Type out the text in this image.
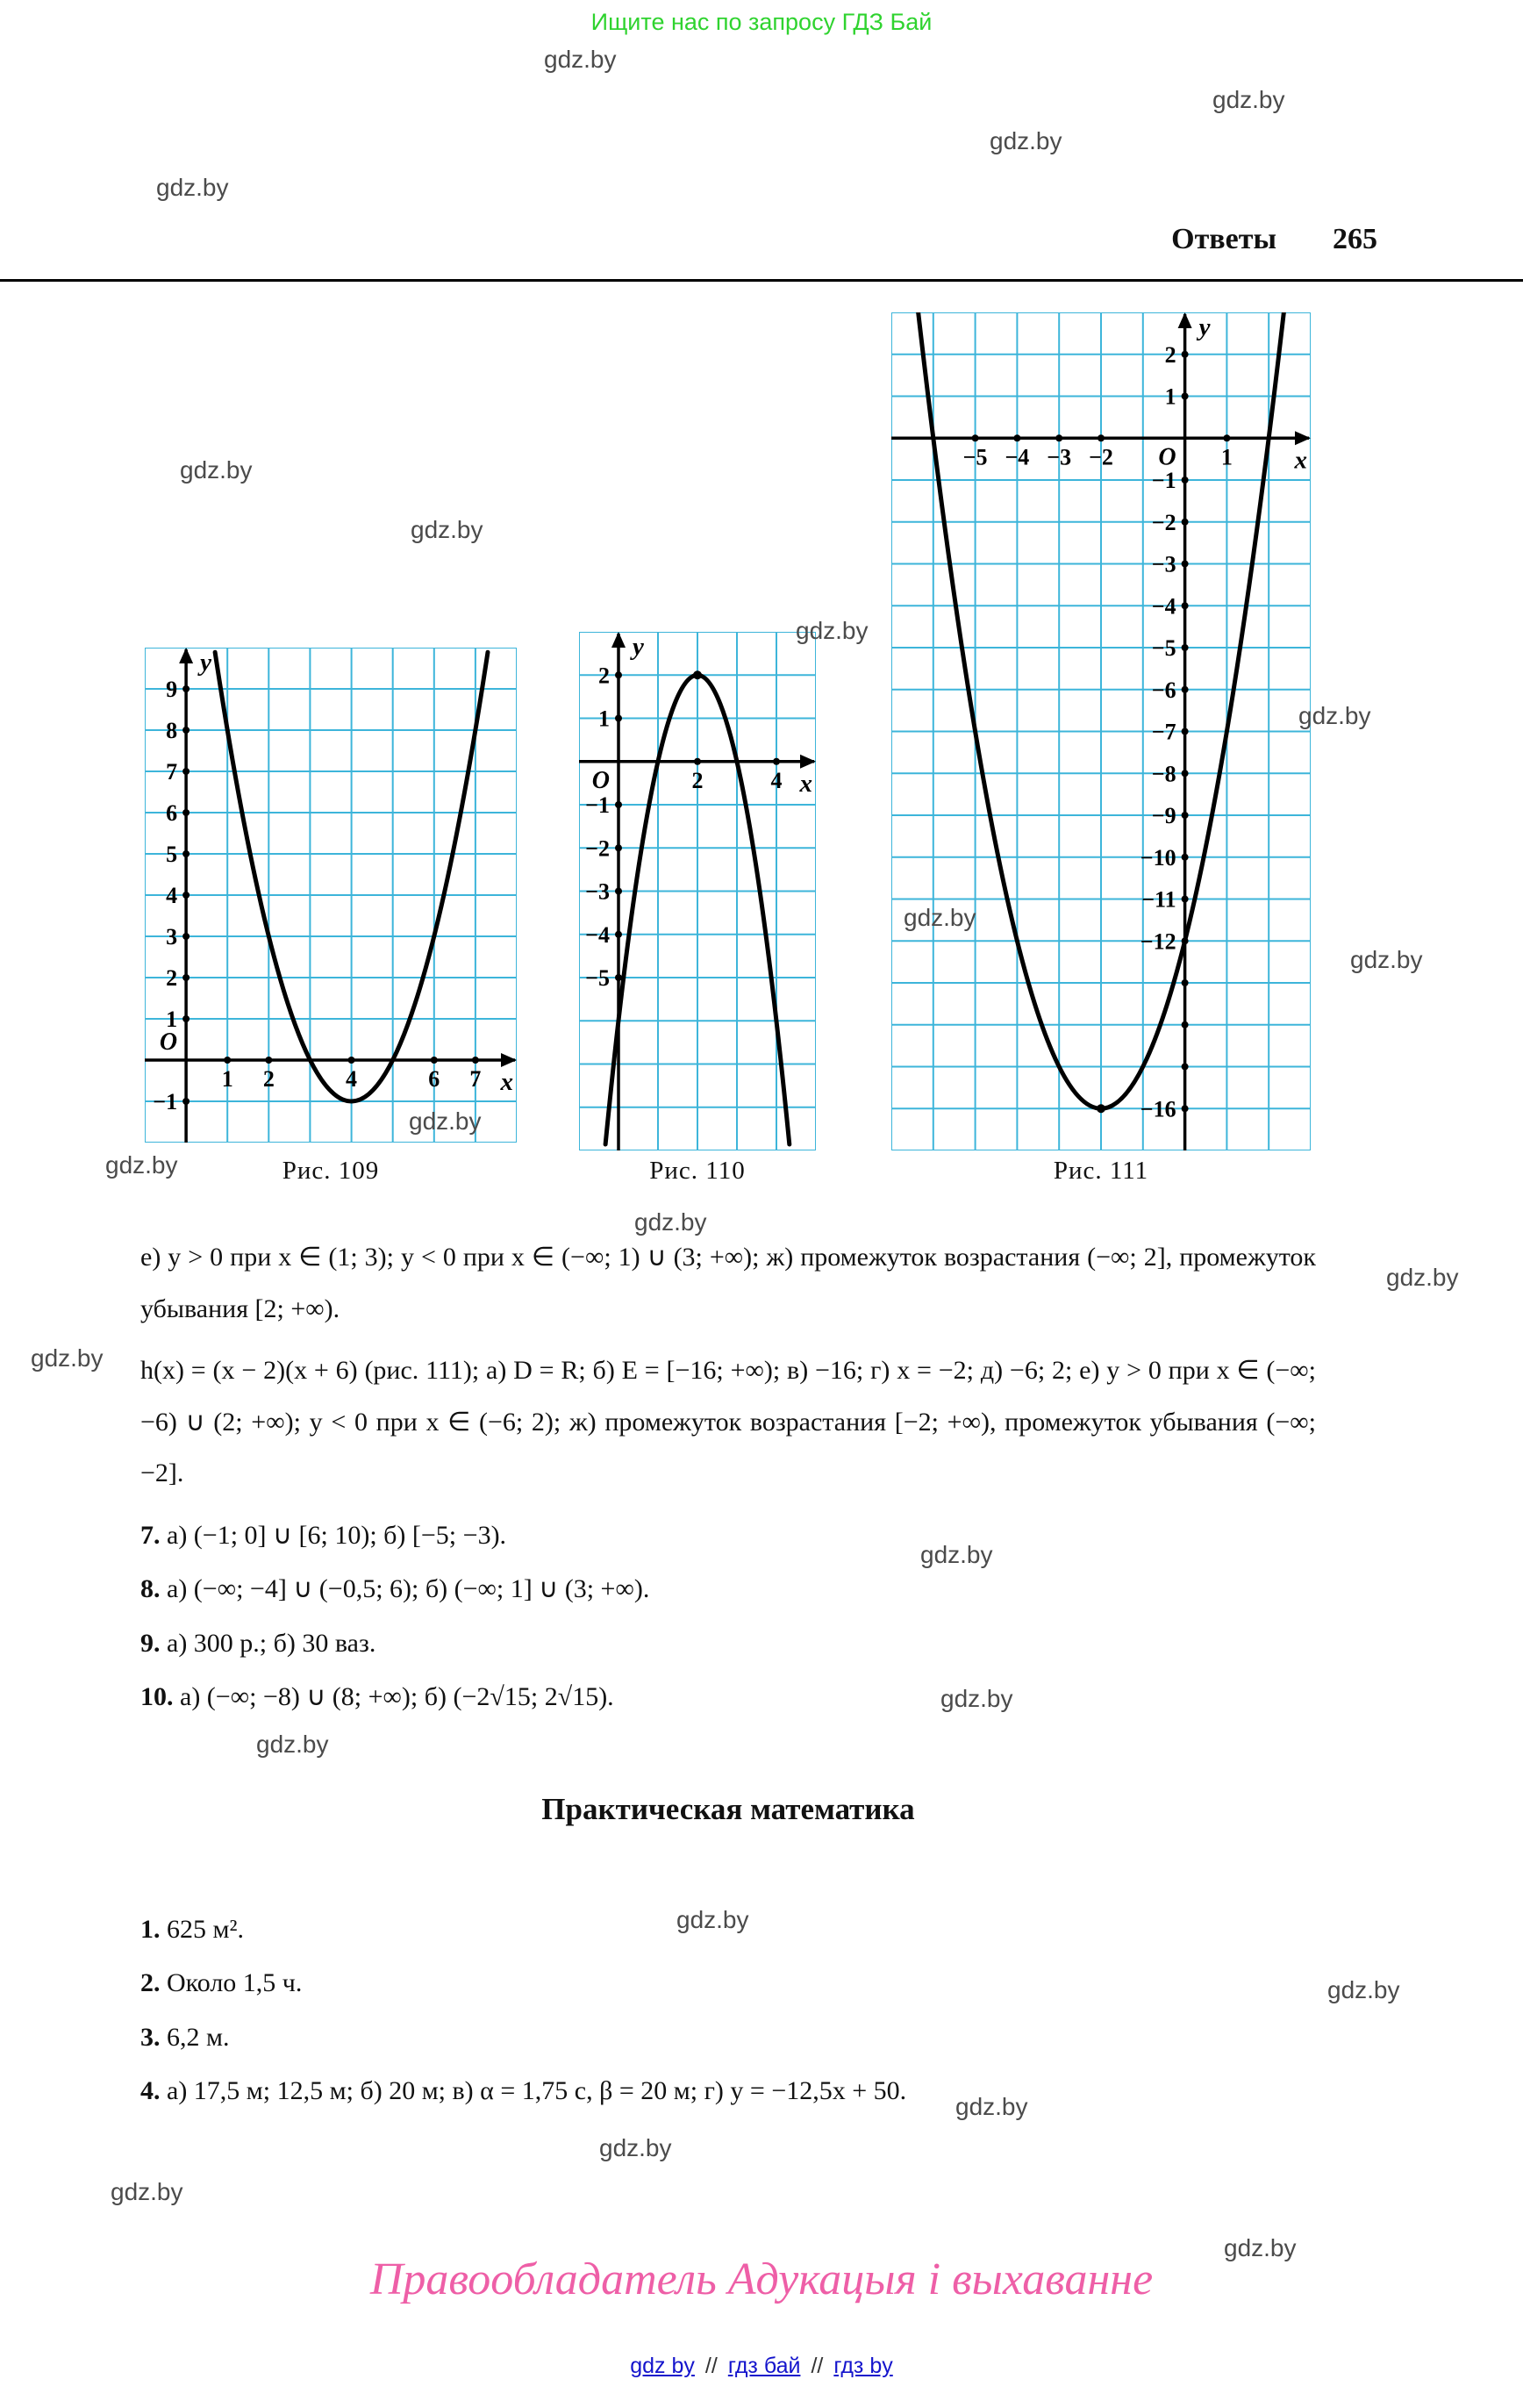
Ищите нас по запросу ГДЗ Бай
gdz.by
gdz.by
gdz.by
gdz.by
gdz.by
gdz.by
gdz.by
gdz.by
gdz.by
gdz.by
gdz.by
gdz.by
gdz.by
gdz.by
gdz.by
gdz.by
gdz.by
gdz.by
gdz.by
gdz.by
gdz.by
gdz.by
gdz.by
gdz.by
Ответы 265
1 2	4	6 7
9
8
7
6
5
4
3
2
1
−1
O
y
x
2	4
2
1
−1
−2
−3
−4
−5
O
y
x
−5 −4 −3 −2	1
2
1
−1
−2
−3
−4
−5
−6
−7
−8
−9
−10
−11
−12
−16
O
y
x
Рис. 109	Рис. 110	Рис. 111

е) y > 0 при x ∈ (1; 3); y < 0 при x ∈ (−∞; 1) ∪ (3; +∞); ж) промежуток возрастания (−∞; 2], промежуток убывания [2; +∞).

h(x) = (x − 2)(x + 6) (рис. 111); а) D = R; б) E = [−16; +∞); в) −16; г) x = −2; д) −6; 2; е) y > 0 при x ∈ (−∞; −6) ∪ (2; +∞); y < 0 при x ∈ (−6; 2); ж) промежуток возрастания [−2; +∞), промежуток убывания (−∞; −2].

7. а) (−1; 0] ∪ [6; 10); б) [−5; −3).

8. а) (−∞; −4] ∪ (−0,5; 6); б) (−∞; 1] ∪ (3; +∞).

9. а) 300 р.; б) 30 ваз.

10. а) (−∞; −8) ∪ (8; +∞); б) (−2√15; 2√15).

Практическая математика

1. 625 м².

2. Около 1,5 ч.

3. 6,2 м.

4. а) 17,5 м; 12,5 м; б) 20 м; в) α = 1,75 с, β = 20 м; г) y = −12,5x + 50.

Правообладатель Адукацыя і выхаванне
gdz by // гдз бай // гдз by
